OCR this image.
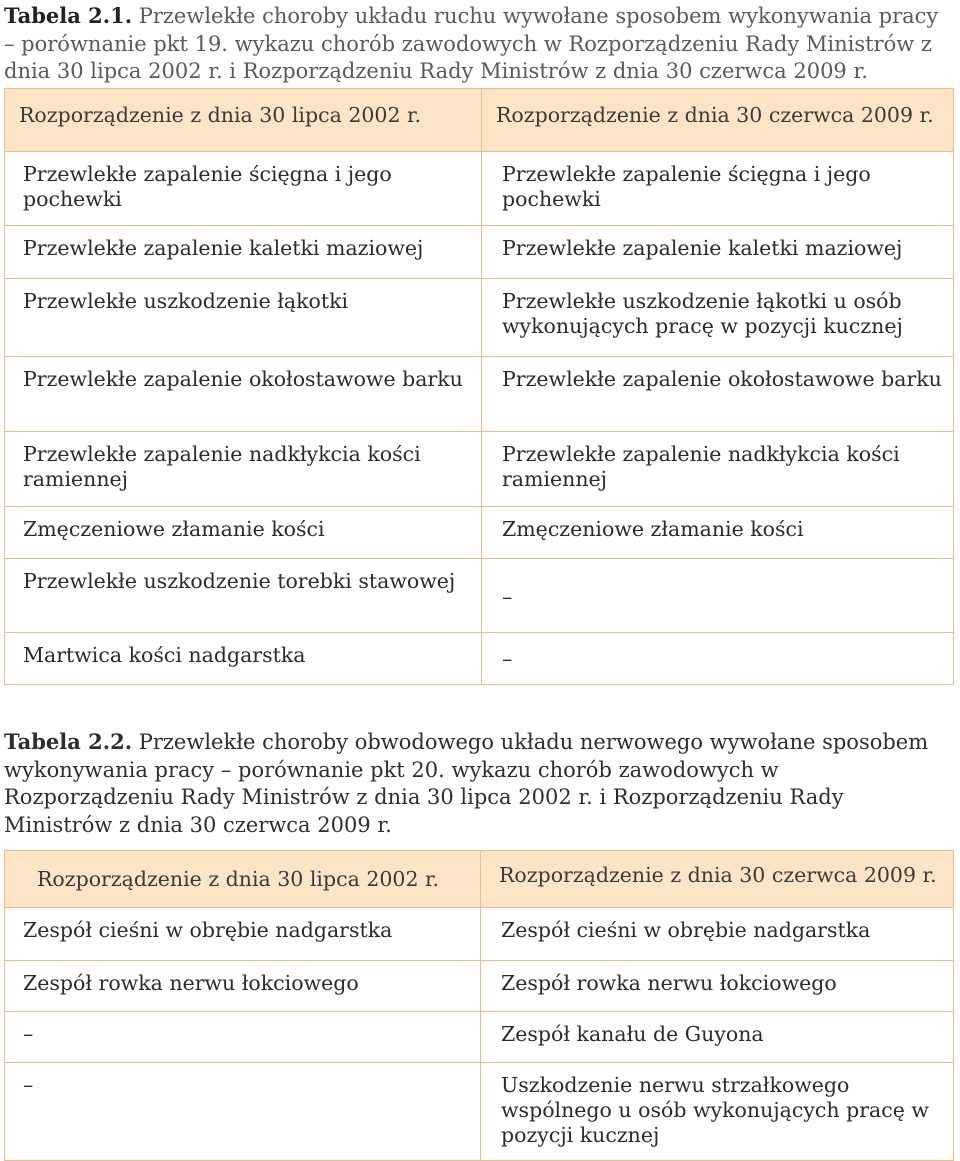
Tabela 2.1. Przewlekłe choroby układu ruchu wywołane sposobem wykonywania pracy – porównanie pkt 19. wykazu chorób zawodowych w Rozporządzeniu Rady Ministrów z dnia 30 lipca 2002 r. i Rozporządzeniu Rady Ministrów z dnia 30 czerwca 2009 r.
Rozporządzenie z dnia 30 lipca 2002 r.	Rozporządzenie z dnia 30 czerwca 2009 r.
Przewlekłe zapalenie ścięgna i jego pochewki	Przewlekłe zapalenie ścięgna i jego pochewki
Przewlekłe zapalenie kaletki maziowej	Przewlekłe zapalenie kaletki maziowej
Przewlekłe uszkodzenie łąkotki	Przewlekłe uszkodzenie łąkotki u osób wykonujących pracę w pozycji kucznej
Przewlekłe zapalenie okołostawowe barku	Przewlekłe zapalenie okołostawowe barku
Przewlekłe zapalenie nadkłykcia kości ramiennej	Przewlekłe zapalenie nadkłykcia kości ramiennej
Zmęczeniowe złamanie kości	Zmęczeniowe złamanie kości
Przewlekłe uszkodzenie torebki stawowej	–
Martwica kości nadgarstka	–
Tabela 2.2. Przewlekłe choroby obwodowego układu nerwowego wywołane sposobem wykonywania pracy – porównanie pkt 20. wykazu chorób zawodowych w Rozporządzeniu Rady Ministrów z dnia 30 lipca 2002 r. i Rozporządzeniu Rady Ministrów z dnia 30 czerwca 2009 r.
Rozporządzenie z dnia 30 lipca 2002 r.	Rozporządzenie z dnia 30 czerwca 2009 r.
Zespół cieśni w obrębie nadgarstka	Zespół cieśni w obrębie nadgarstka
Zespół rowka nerwu łokciowego	Zespół rowka nerwu łokciowego
–	Zespół kanału de Guyona
–	Uszkodzenie nerwu strzałkowego wspólnego u osób wykonujących pracę w pozycji kucznej
